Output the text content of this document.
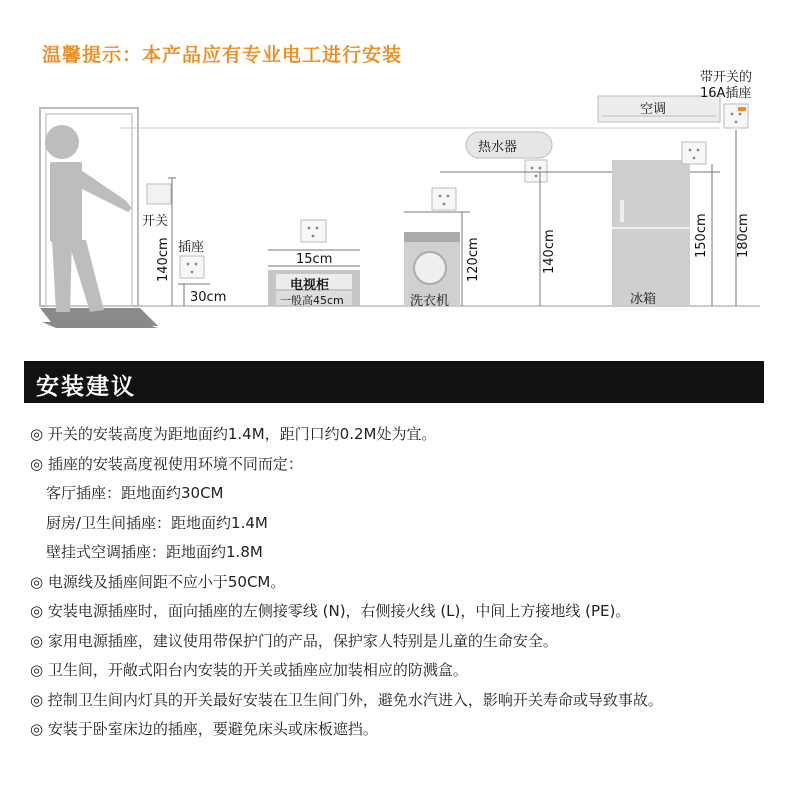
温馨提示：本产品应有专业电工进行安装
带开关的
16A插座
空调
热水器
开关
插座
140cm
30cm
15cm
电视柜
一般高45cm	洗衣机
120cm	140cm	150cm 180cm
冰箱
安装建议
◎ 开关的安装高度为距地面约1.4M，距门口约0.2M处为宜。
◎ 插座的安装高度视使用环境不同而定：
客厅插座：距地面约30CM
厨房/卫生间插座：距地面约1.4M
壁挂式空调插座：距地面约1.8M
◎ 电源线及插座间距不应小于50CM。
◎ 安装电源插座时，面向插座的左侧接零线 (N)，右侧接火线 (L)，中间上方接地线 (PE)。
◎ 家用电源插座，建议使用带保护门的产品，保护家人特别是儿童的生命安全。
◎ 卫生间，开敞式阳台内安装的开关或插座应加装相应的防溅盒。
◎ 控制卫生间内灯具的开关最好安装在卫生间门外，避免水汽进入，影响开关寿命或导致事故。
◎ 安装于卧室床边的插座，要避免床头或床板遮挡。
